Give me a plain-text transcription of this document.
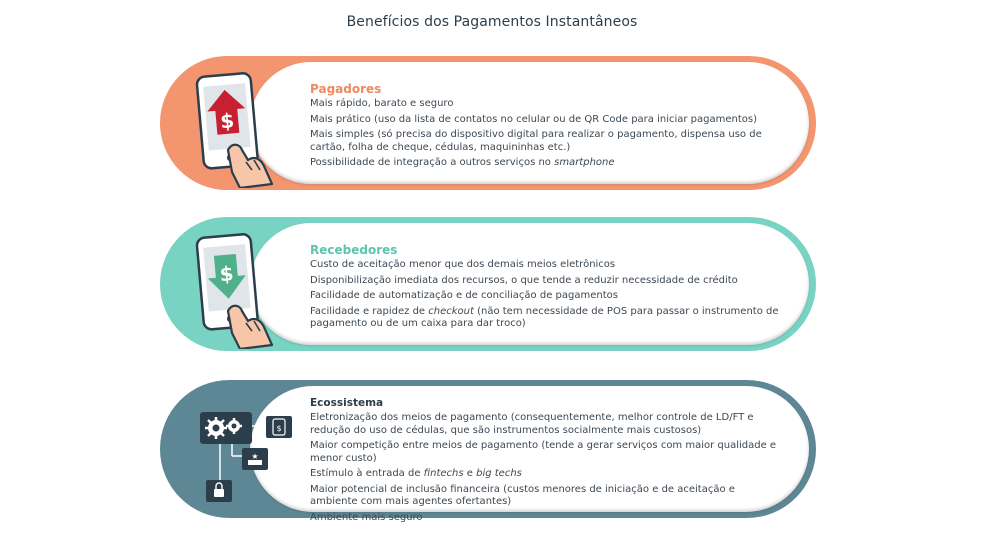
Benefícios dos Pagamentos Instantâneos
$
Pagadores
Mais rápido, barato e seguro
Mais prático (uso da lista de contatos no celular ou de QR Code para iniciar pagamentos)
Mais simples (só precisa do dispositivo digital para realizar o pagamento, dispensa uso de cartão, folha de cheque, cédulas, maquininhas etc.)
Possibilidade de integração a outros serviços no smartphone
$
Recebedores
Custo de aceitação menor que dos demais meios eletrônicos
Disponibilização imediata dos recursos, o que tende a reduzir necessidade de crédito
Facilidade de automatização e de conciliação de pagamentos
Facilidade e rapidez de checkout (não tem necessidade de POS para passar o instrumento de pagamento ou de um caixa para dar troco)
$
★
Ecossistema
Eletronização dos meios de pagamento (consequentemente, melhor controle de LD/FT e redução do uso de cédulas, que são instrumentos socialmente mais custosos)
Maior competição entre meios de pagamento (tende a gerar serviços com maior qualidade e menor custo)
Estímulo à entrada de fintechs e big techs
Maior potencial de inclusão financeira (custos menores de iniciação e de aceitação e ambiente com mais agentes ofertantes)
Ambiente mais seguro
